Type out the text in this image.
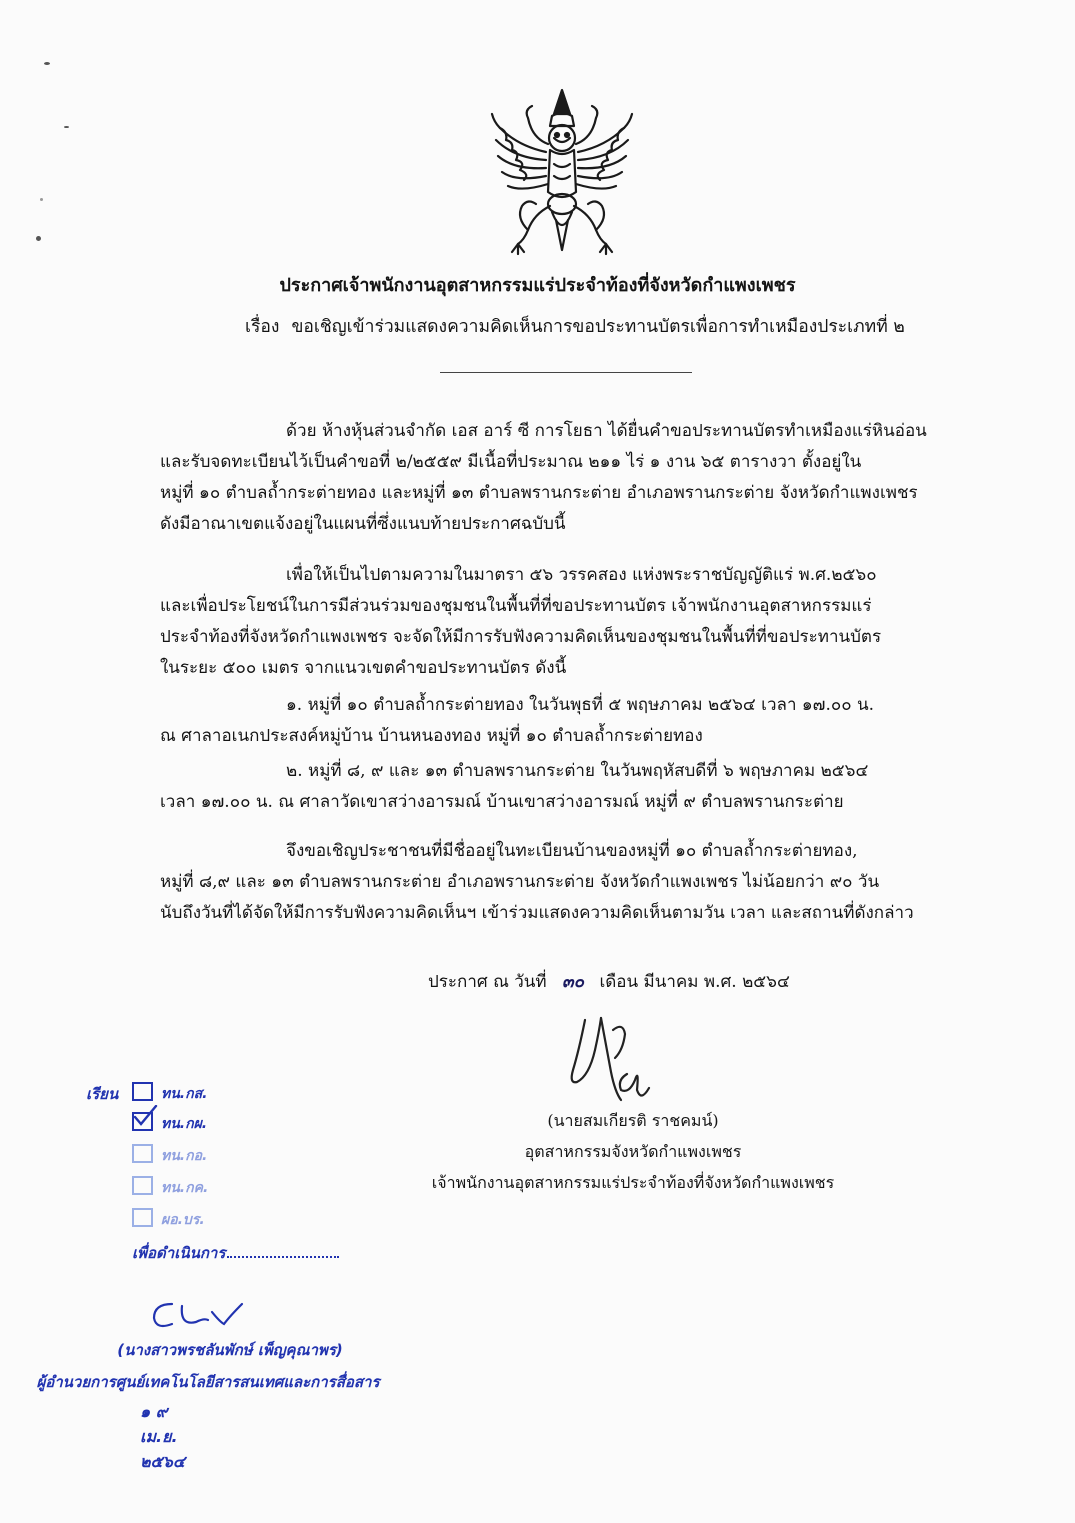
ประกาศเจ้าพนักงานอุตสาหกรรมแร่ประจำท้องที่จังหวัดกำแพงเพชร
เรื่อง ขอเชิญเข้าร่วมแสดงความคิดเห็นการขอประทานบัตรเพื่อการทำเหมืองประเภทที่ ๒
ด้วย ห้างหุ้นส่วนจำกัด เอส อาร์ ซี การโยธา ได้ยื่นคำขอประทานบัตรทำเหมืองแร่หินอ่อน
และรับจดทะเบียนไว้เป็นคำขอที่ ๒/๒๕๕๙ มีเนื้อที่ประมาณ ๒๑๑ ไร่ ๑ งาน ๖๕ ตารางวา ตั้งอยู่ใน
หมู่ที่ ๑๐ ตำบลถ้ำกระต่ายทอง และหมู่ที่ ๑๓ ตำบลพรานกระต่าย อำเภอพรานกระต่าย จังหวัดกำแพงเพชร
ดังมีอาณาเขตแจ้งอยู่ในแผนที่ซึ่งแนบท้ายประกาศฉบับนี้
เพื่อให้เป็นไปตามความในมาตรา ๕๖ วรรคสอง แห่งพระราชบัญญัติแร่ พ.ศ.๒๕๖๐
และเพื่อประโยชน์ในการมีส่วนร่วมของชุมชนในพื้นที่ที่ขอประทานบัตร เจ้าพนักงานอุตสาหกรรมแร่
ประจำท้องที่จังหวัดกำแพงเพชร จะจัดให้มีการรับฟังความคิดเห็นของชุมชนในพื้นที่ที่ขอประทานบัตร
ในระยะ ๕๐๐ เมตร จากแนวเขตคำขอประทานบัตร ดังนี้
๑. หมู่ที่ ๑๐ ตำบลถ้ำกระต่ายทอง ในวันพุธที่ ๕ พฤษภาคม ๒๕๖๔ เวลา ๑๗.๐๐ น.
ณ ศาลาอเนกประสงค์หมู่บ้าน บ้านหนองทอง หมู่ที่ ๑๐ ตำบลถ้ำกระต่ายทอง
๒. หมู่ที่ ๘, ๙ และ ๑๓ ตำบลพรานกระต่าย ในวันพฤหัสบดีที่ ๖ พฤษภาคม ๒๕๖๔
เวลา ๑๗.๐๐ น. ณ ศาลาวัดเขาสว่างอารมณ์ บ้านเขาสว่างอารมณ์ หมู่ที่ ๙ ตำบลพรานกระต่าย
จึงขอเชิญประชาชนที่มีชื่ออยู่ในทะเบียนบ้านของหมู่ที่ ๑๐ ตำบลถ้ำกระต่ายทอง,
หมู่ที่ ๘,๙ และ ๑๓ ตำบลพรานกระต่าย อำเภอพรานกระต่าย จังหวัดกำแพงเพชร ไม่น้อยกว่า ๙๐ วัน
นับถึงวันที่ได้จัดให้มีการรับฟังความคิดเห็นฯ เข้าร่วมแสดงความคิดเห็นตามวัน เวลา และสถานที่ดังกล่าว
ประกาศ ณ วันที่ ๓๐ เดือน มีนาคม พ.ศ. ๒๕๖๔
(นายสมเกียรติ ราชคมน์)
อุตสาหกรรมจังหวัดกำแพงเพชร
เจ้าพนักงานอุตสาหกรรมแร่ประจำท้องที่จังหวัดกำแพงเพชร
เรียน	ทน.กส.
ทน.กผ.
ทน.กอ.
ทน.กค.
ผอ.บร.
เพื่อดำเนินการ
(นางสาวพรชลันพักษ์ เพ็ญคุณาพร)
ผู้อำนวยการศูนย์เทคโนโลยีสารสนเทศและการสื่อสาร
๑ ๙ เม.ย. ๒๕๖๔
